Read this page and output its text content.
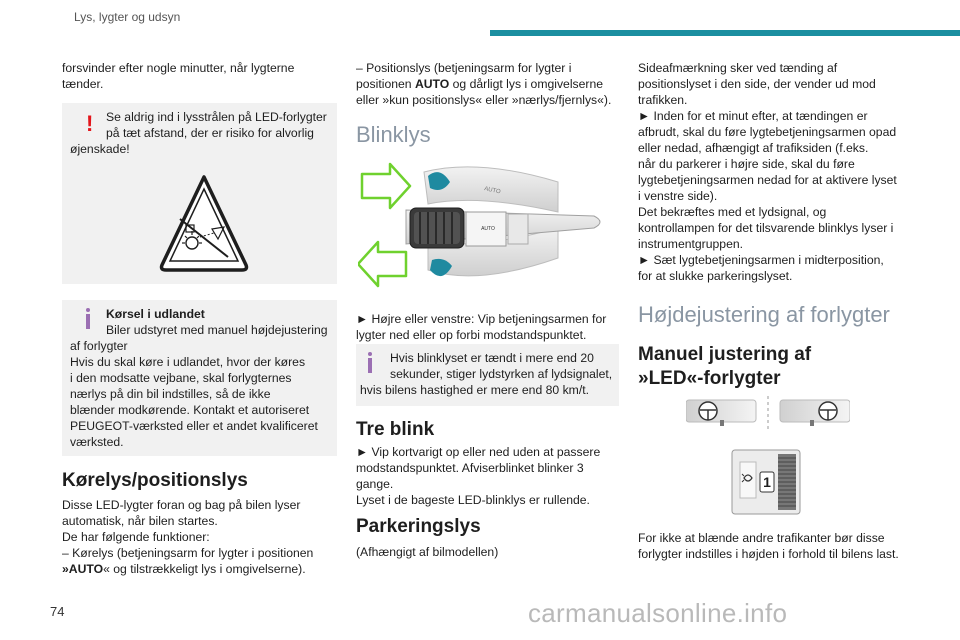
Lys, lygter og udsyn

forsvinder efter nogle minutter, når lygterne

tænder.

! Se aldrig ind i lysstrålen på LED-forlygter

på tæt afstand, der er risiko for alvorlig

øjenskade!

Kørsel i udlandet

Biler udstyret med manuel højdejustering

af forlygter

Hvis du skal køre i udlandet, hvor der køres

i den modsatte vejbane, skal forlygternes

nærlys på din bil indstilles, så de ikke

blænder modkørende. Kontakt et autoriseret

PEUGEOT-værksted eller et andet kvalificeret

værksted.

Kørelys/positionslys

Disse LED-lygter foran og bag på bilen lyser

automatisk, når bilen startes.

De har følgende funktioner:

– Kørelys (betjeningsarm for lygter i positionen

»AUTO« og tilstrækkeligt lys i omgivelserne).

– Positionslys (betjeningsarm for lygter i

positionen AUTO og dårligt lys i omgivelserne

eller »kun positionslys« eller »nærlys/fjernlys«).

Blinklys
AUTO
AUTO

► Højre eller venstre: Vip betjeningsarmen for

lygter ned eller op forbi modstandspunktet.

Hvis blinklyset er tændt i mere end 20

sekunder, stiger lydstyrken af lydsignalet,

hvis bilens hastighed er mere end 80 km/t.

Tre blink

► Vip kortvarigt op eller ned uden at passere

modstandspunktet. Afviserblinket blinker 3

gange.

Lyset i de bageste LED-blinklys er rullende.

Parkeringslys

(Afhængigt af bilmodellen)

Sideafmærkning sker ved tænding af

positionslyset i den side, der vender ud mod

trafikken.

► Inden for et minut efter, at tændingen er

afbrudt, skal du føre lygtebetjeningsarmen opad

eller nedad, afhængigt af trafiksiden (f.eks.

når du parkerer i højre side, skal du føre

lygtebetjeningsarmen nedad for at aktivere lyset

i venstre side).

Det bekræftes med et lydsignal, og

kontrollampen for det tilsvarende blinklys lyser i

instrumentgruppen.

► Sæt lygtebetjeningsarmen i midterposition,

for at slukke parkeringslyset.

Højdejustering af forlygter
Manuel justering af
»LED«-forlygter
1

For ikke at blænde andre trafikanter bør disse

forlygter indstilles i højden i forhold til bilens last.

74	carmanualsonline.info
